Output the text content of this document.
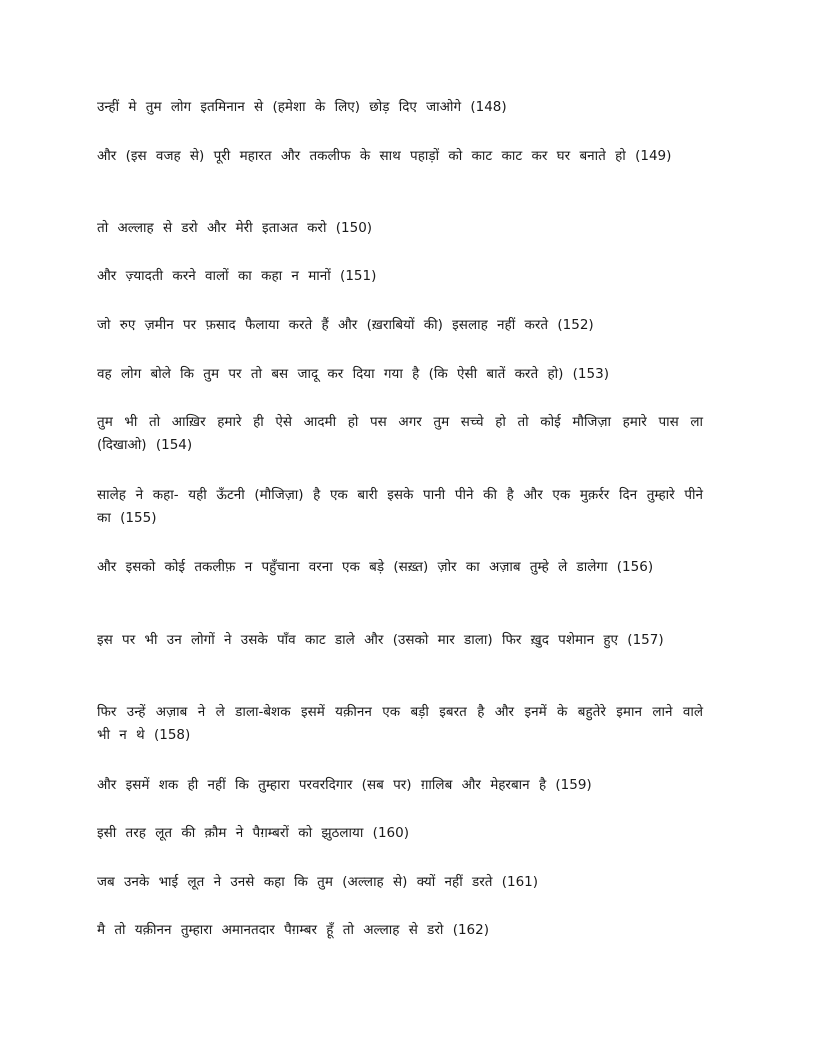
उन्हीं मे तुम लोग इतमिनान से (हमेशा के लिए) छोड़ दिए जाओगे (148)

और (इस वजह से) पूरी महारत और तकलीफ के साथ पहाड़ों को काट काट कर घर बनाते हो (149)

तो अल्लाह से डरो और मेरी इताअत करो (150)

और ज़्यादती करने वालों का कहा न मानों (151)

जो रुए ज़मीन पर फ़साद फैलाया करते हैं और (ख़राबियों की) इसलाह नहीं करते (152)

वह लोग बोले कि तुम पर तो बस जादू कर दिया गया है (कि ऐसी बातें करते हो) (153)

तुम भी तो आख़िर हमारे ही ऐसे आदमी हो पस अगर तुम सच्चे हो तो कोई मौजिज़ा हमारे पास ला (दिखाओ) (154)

सालेह ने कहा- यही ऊँटनी (मौजिज़ा) है एक बारी इसके पानी पीने की है और एक मुक़र्रर दिन तुम्हारे पीने का (155)

और इसको कोई तकलीफ़ न पहुँचाना वरना एक बड़े (सख़्त) ज़ोर का अज़ाब तुम्हे ले डालेगा (156)

इस पर भी उन लोगों ने उसके पाँव काट डाले और (उसको मार डाला) फिर ख़ुद पशेमान हुए (157)

फिर उन्हें अज़ाब ने ले डाला-बेशक इसमें यक़ीनन एक बड़ी इबरत है और इनमें के बहुतेरे इमान लाने वाले भी न थे (158)

और इसमें शक ही नहीं कि तुम्हारा परवरदिगार (सब पर) ग़ालिब और मेहरबान है (159)

इसी तरह लूत की क़ौम ने पैग़म्बरों को झुठलाया (160)

जब उनके भाई लूत ने उनसे कहा कि तुम (अल्लाह से) क्यों नहीं डरते (161)

मै तो यक़ीनन तुम्हारा अमानतदार पैग़म्बर हूँ तो अल्लाह से डरो (162)
